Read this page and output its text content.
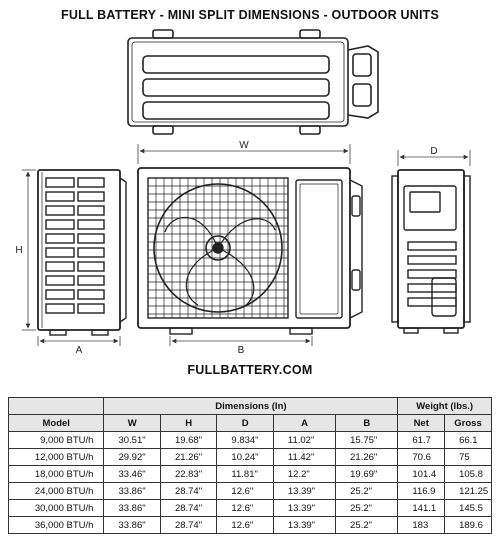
FULL BATTERY - MINI SPLIT DIMENSIONS - OUTDOOR UNITS
W
D
H
A	B
FULLBATTERY.COM
	Dimensions (In)					Weight (lbs.)	
Model	W	H	D	A	B	Net	Gross
9,000 BTU/h	30.51"	19.68"	9.834"	11.02"	15.75"	61.7	66.1
12,000 BTU/h	29.92"	21.26"	10.24"	11.42"	21.26"	70.6	75
18,000 BTU/h	33.46"	22.83"	11.81"	12.2"	19.69"	101.4	105.8
24,000 BTU/h	33.86"	28.74"	12.6"	13.39"	25.2"	116.9	121.25
30,000 BTU/h	33.86"	28.74"	12.6"	13.39"	25.2"	141.1	145.5
36,000 BTU/h	33.86"	28.74"	12.6"	13.39"	25.2"	183	189.6
